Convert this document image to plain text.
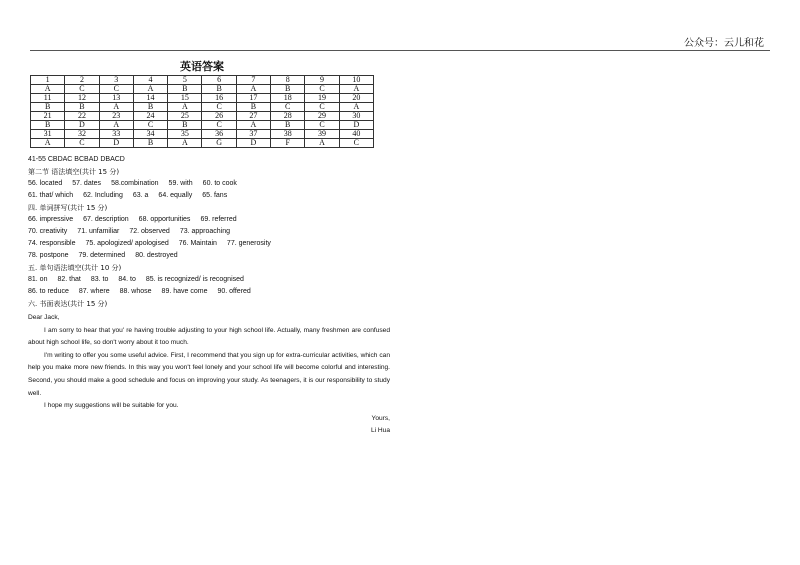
公众号：云儿和花
英语答案
1	2	3	4	5	6	7	8	9	10
A	C	C	A	B	B	A	B	C	A
11	12	13	14	15	16	17	18	19	20
B	B	A	B	A	C	B	C	C	A
21	22	23	24	25	26	27	28	29	30
B	D	A	C	B	C	A	B	C	D
31	32	33	34	35	36	37	38	39	40
A	C	D	B	A	G	D	F	A	C
41-55 CBDAC BCBAD DBACD
第二节 语法填空(共计 15 分)
56. located 57. dates 58.combination 59. with 60. to cook
61. that/ which 62. Including 63. a 64. equally 65. fans
四. 单词拼写(共计 15 分)
66. impressive 67. description 68. opportunities 69. referred
70. creativity 71. unfamiliar 72. observed 73. approaching
74. responsible 75. apologized/ apologised 76. Maintain 77. generosity
78. postpone 79. determined 80. destroyed
五. 单句语法填空(共计 10 分)
81. on 82. that 83. to 84. to 85. is recognized/ is recognised
86. to reduce 87. where 88. whose 89. have come 90. offered
六. 书面表达(共计 15 分)

Dear Jack,

I am sorry to hear that you' re having trouble adjusting to your high school life. Actually, many freshmen are confused about high school life, so don't worry about it too much.

I'm writing to offer you some useful advice. First, I recommend that you sign up for extra-curricular activities, which can help you make more new friends. In this way you won't feel lonely and your school life will become colorful and interesting. Second, you should make a good schedule and focus on improving your study. As teenagers, it is our responsibility to study well.

I hope my suggestions will be suitable for you.

Yours,

Li Hua
